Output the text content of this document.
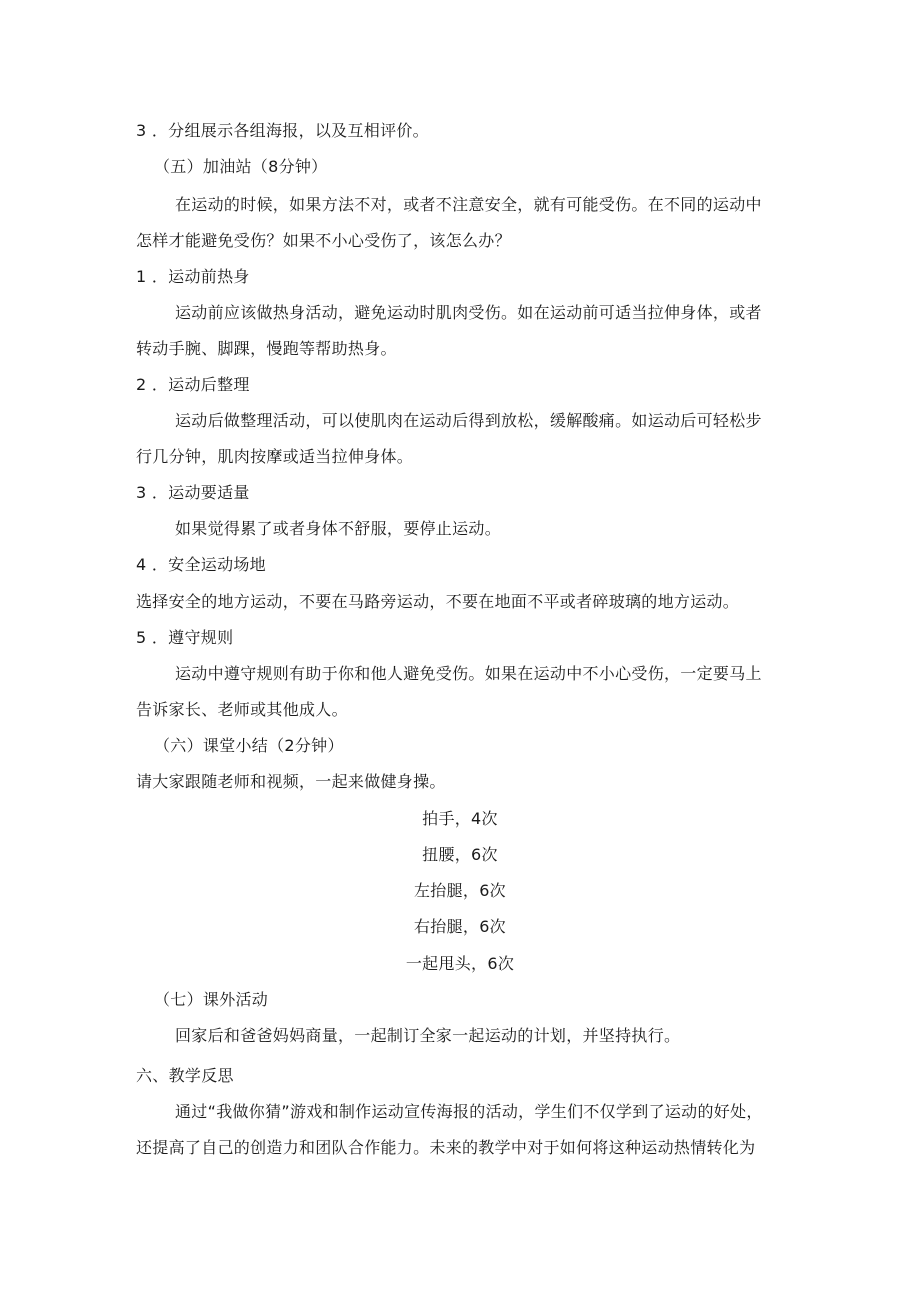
3 ．分组展示各组海报，以及互相评价。

（五）加油站（8分钟）

在运动的时候，如果方法不对，或者不注意安全，就有可能受伤。在不同的运动中

怎样才能避免受伤？如果不小心受伤了，该怎么办？

1 ．运动前热身

运动前应该做热身活动，避免运动时肌肉受伤。如在运动前可适当拉伸身体，或者

转动手腕、脚踝，慢跑等帮助热身。

2 ．运动后整理

运动后做整理活动，可以使肌肉在运动后得到放松，缓解酸痛。如运动后可轻松步

行几分钟，肌肉按摩或适当拉伸身体。

3 ．运动要适量

如果觉得累了或者身体不舒服，要停止运动。

4 ．安全运动场地

选择安全的地方运动，不要在马路旁运动，不要在地面不平或者碎玻璃的地方运动。

5 ．遵守规则

运动中遵守规则有助于你和他人避免受伤。如果在运动中不小心受伤，一定要马上

告诉家长、老师或其他成人。

（六）课堂小结（2分钟）

请大家跟随老师和视频，一起来做健身操。

拍手，4次

扭腰，6次

左抬腿，6次

右抬腿，6次

一起甩头，6次

（七）课外活动

回家后和爸爸妈妈商量，一起制订全家一起运动的计划，并坚持执行。

六、教学反思

通过“我做你猜”游戏和制作运动宣传海报的活动，学生们不仅学到了运动的好处，

还提高了自己的创造力和团队合作能力。未来的教学中对于如何将这种运动热情转化为
